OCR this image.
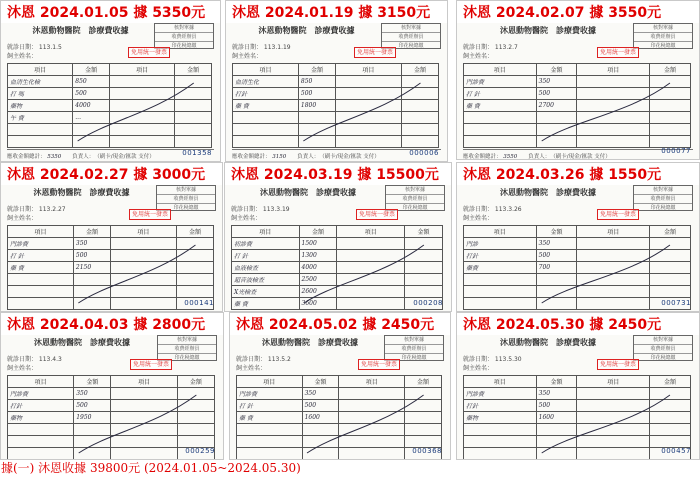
沐恩 2024.01.05 據 5350元
沐恩動物醫院　診療費收據	核對單據
收費經辦員
印花稅總繳
就診日期： 113.1.5
飼主姓名：
免用統一發票
項目	金額	項目	金額
血清生化檢	850		
打 嗎	500		
藥物	4000		
午 費	...		

應收金額總計： 5350　　負責人：　（刷卡/現金/匯款 支付）	001358
沐恩 2024.01.19 據 3150元
沐恩動物醫院　診療費收據	核對單據
收費經辦員
印花稅總繳
就診日期： 113.1.19
飼主姓名：
免用統一發票
項目	金額	項目	金額
血清生化	850		
打針	500		
藥 費	1800		

應收金額總計： 3150　　負責人：　（刷卡/現金/匯款 支付）	000006
沐恩 2024.02.07 據 3550元
沐恩動物醫院　診療費收據	核對單據
收費經辦員
印花稅總繳
就診日期： 113.2.7
飼主姓名：
免用統一發票
項目	金額	項目	金額
門診費	350		
打 針	500		
藥 費	2700		

應收金額總計： 3550　　負責人：　（刷卡/現金/匯款 支付）
000077
沐恩 2024.02.27 據 3000元
沐恩動物醫院　診療費收據	核對單據
收費經辦員
印花稅總繳
就診日期： 113.2.27
飼主姓名：
免用統一發票
項目	金額	項目	金額
門診費	350		
打 針	500		
藥 費	2150		

000141
沐恩 2024.03.19 據 15500元
沐恩動物醫院　診療費收據	核對單據
收費經辦員
印花稅總繳
就診日期： 113.3.19
飼主姓名：
免用統一發票
項目	金額	項目	金額
初診費	1500		
打 針	1300		
血液檢查	4000		
超音波檢查	2500		
X光檢查	2600		
藥 費	3600			000208
沐恩 2024.03.26 據 1550元
沐恩動物醫院　診療費收據	核對單據
收費經辦員
印花稅總繳
就診日期： 113.3.26
飼主姓名：
免用統一發票
項目	金額	項目	金額
門診	350		
打針	500		
藥費	700		

000731
沐恩 2024.04.03 據 2800元
沐恩動物醫院　診療費收據	核對單據
收費經辦員
印花稅總繳
就診日期： 113.4.3
飼主姓名：
免用統一發票
項目	金額	項目	金額
門診費	350		
打針	500		
藥物	1950		

000259
沐恩 2024.05.02 據 2450元
沐恩動物醫院　診療費收據	核對單據
收費經辦員
印花稅總繳
就診日期： 113.5.2
飼主姓名：
免用統一發票
項目	金額	項目	金額
門診費	350		
打 針	500		
藥 費	1600		

000368
沐恩 2024.05.30 據 2450元
沐恩動物醫院　診療費收據	核對單據
收費經辦員
印花稅總繳
就診日期： 113.5.30
飼主姓名：
免用統一發票
項目	金額	項目	金額
門診費	350		
打針	500		
藥物	1600		

000457
據(一) 沐恩收據 39800元 (2024.01.05~2024.05.30)
